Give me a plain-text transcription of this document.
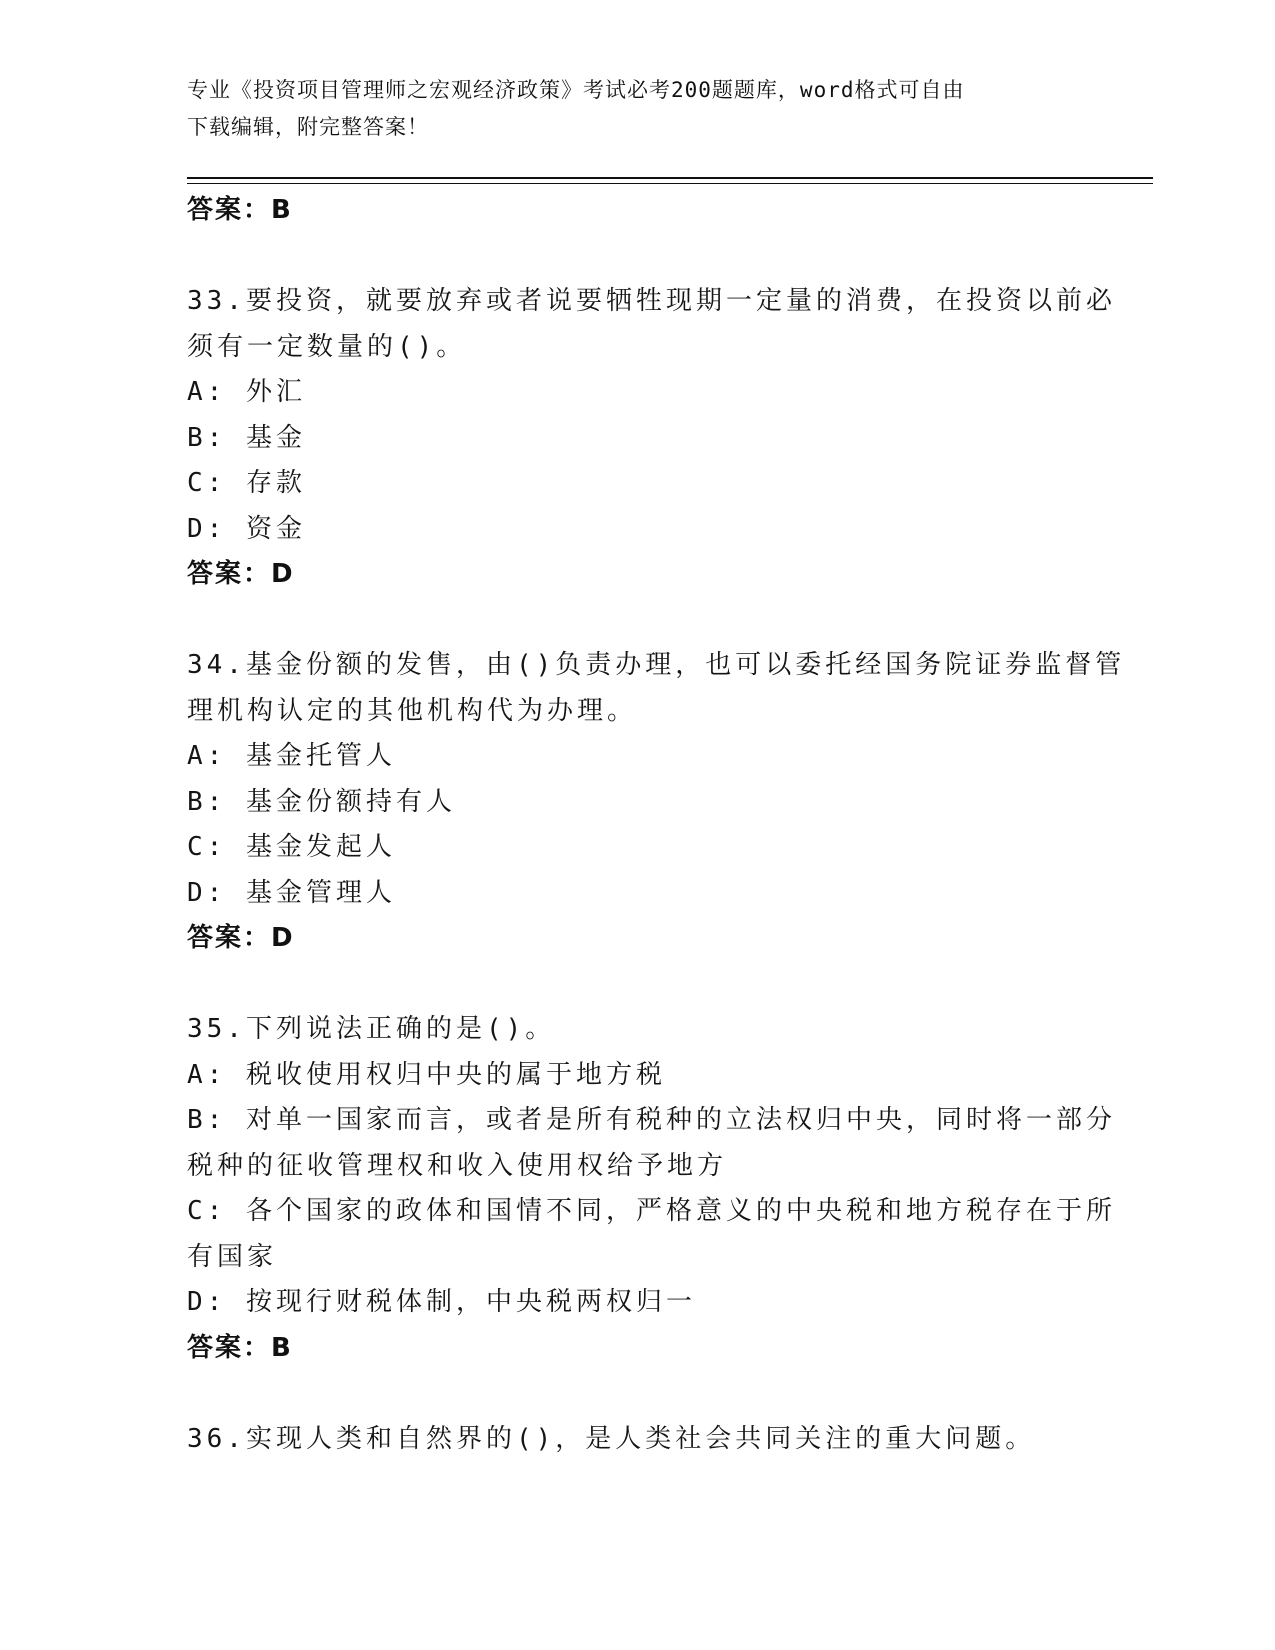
专业《投资项目管理师之宏观经济政策》考试必考200题题库，word格式可自由
下载编辑，附完整答案！
答案：B
33.要投资，就要放弃或者说要牺牲现期一定量的消费，在投资以前必
须有一定数量的()。
A: 外汇
B: 基金
C: 存款
D: 资金
答案：D
34.基金份额的发售，由()负责办理，也可以委托经国务院证券监督管
理机构认定的其他机构代为办理。
A: 基金托管人
B: 基金份额持有人
C: 基金发起人
D: 基金管理人
答案：D
35.下列说法正确的是()。
A: 税收使用权归中央的属于地方税
B: 对单一国家而言，或者是所有税种的立法权归中央，同时将一部分
税种的征收管理权和收入使用权给予地方
C: 各个国家的政体和国情不同，严格意义的中央税和地方税存在于所
有国家
D: 按现行财税体制，中央税两权归一
答案：B
36.实现人类和自然界的()，是人类社会共同关注的重大问题。
